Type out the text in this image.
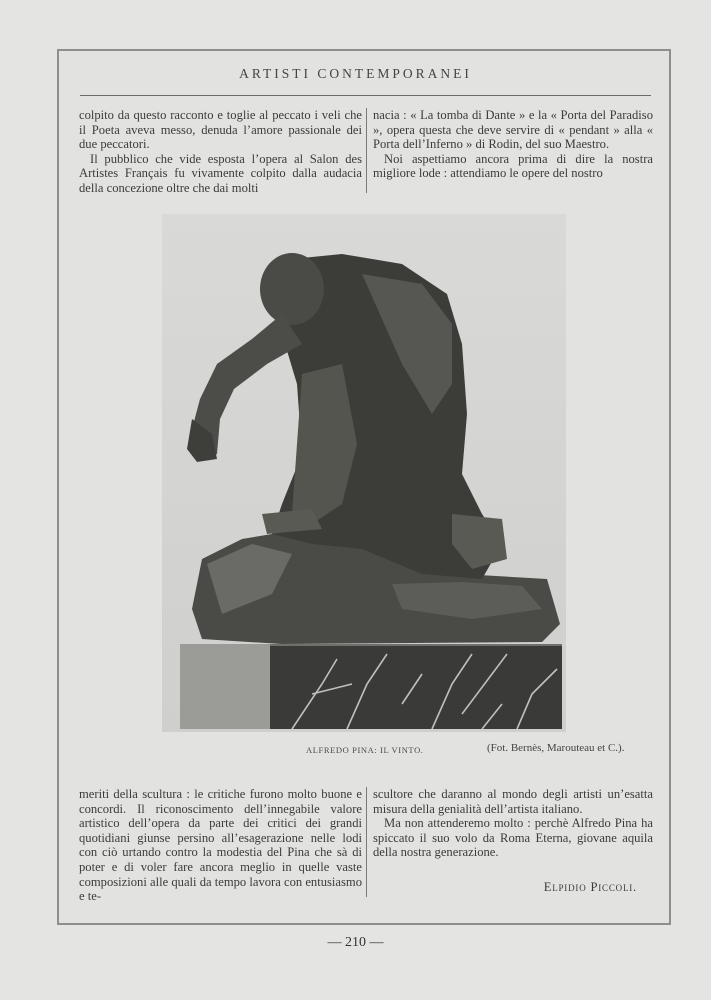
ARTISTI CONTEMPORANEI

colpito da questo racconto e toglie al peccato i veli che il Poeta aveva messo, denuda l’amore passionale dei due peccatori.

Il pubblico che vide esposta l’opera al Salon des Artistes Français fu vivamente colpito dalla audacia della concezione oltre che dai molti

nacia : « La tomba di Dante » e la « Porta del Paradiso », opera questa che deve servire di « pendant » alla « Porta dell’Inferno » di Rodin, del suo Maestro.

Noi aspettiamo ancora prima di dire la nostra migliore lode : attendiamo le opere del nostro

ALFREDO PINA: IL VINTO.	(Fot. Bernès, Marouteau et C.).

meriti della scultura : le critiche furono molto buone e concordi. Il riconoscimento dell’innegabile valore artistico dell’opera da parte dei critici dei grandi quotidiani giunse persino all’esagerazione nelle lodi con ciò urtando contro la modestia del Pina che sà di poter e di voler fare ancora meglio in quelle vaste composizioni alle quali da tempo lavora con entusiasmo e te-

scultore che daranno al mondo degli artisti un’esatta misura della genialità dell’artista italiano.

Ma non attenderemo molto : perchè Alfredo Pina ha spiccato il suo volo da Roma Eterna, giovane aquila della nostra generazione.

Elpidio Piccoli.
— 210 —
